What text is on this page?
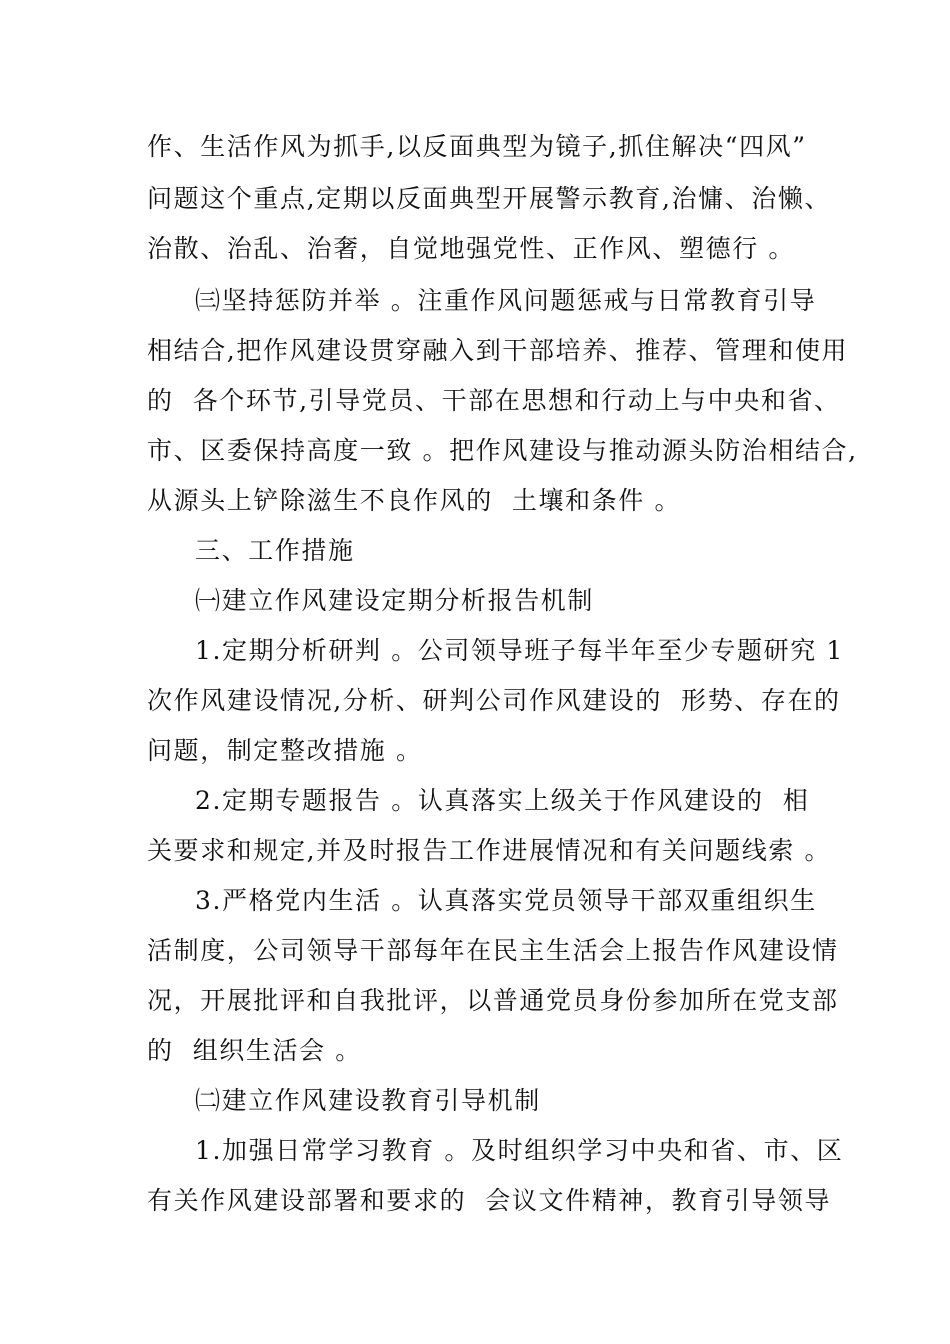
作、生活作风为抓手,以反面典型为镜子,抓住解决“四风”
问题这个重点,定期以反面典型开展警示教育,治慵、治懒、
治散、治乱、治奢，自觉地强党性、正作风、塑德行 。
㈢坚持惩防并举 。注重作风问题惩戒与日常教育引导
相结合,把作风建设贯穿融入到干部培养、推荐、管理和使用
的  各个环节,引导党员、干部在思想和行动上与中央和省、
市、区委保持高度一致 。把作风建设与推动源头防治相结合,
从源头上铲除滋生不良作风的  土壤和条件 。
三、工作措施
㈠建立作风建设定期分析报告机制
1.定期分析研判 。公司领导班子每半年至少专题研究 1
次作风建设情况,分析、研判公司作风建设的  形势、存在的
问题，制定整改措施 。
2.定期专题报告 。认真落实上级关于作风建设的  相
关要求和规定,并及时报告工作进展情况和有关问题线索 。
3.严格党内生活 。认真落实党员领导干部双重组织生
活制度，公司领导干部每年在民主生活会上报告作风建设情
况，开展批评和自我批评，以普通党员身份参加所在党支部
的  组织生活会 。
㈡建立作风建设教育引导机制
1.加强日常学习教育 。及时组织学习中央和省、市、区
有关作风建设部署和要求的  会议文件精神，教育引导领导
